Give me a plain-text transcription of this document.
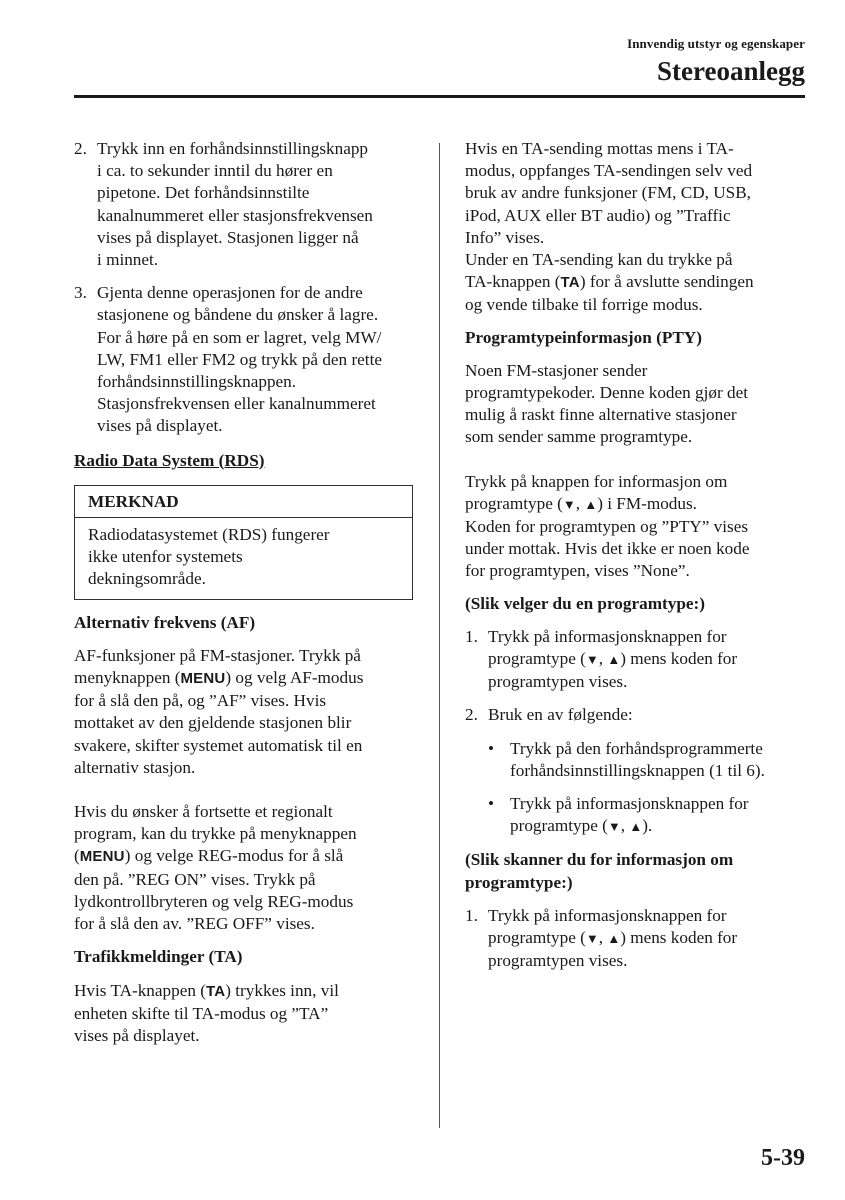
Innvendig utstyr og egenskaper
Stereoanlegg
2. Trykk inn en forhåndsinnstillingsknapp
i ca. to sekunder inntil du hører en
pipetone. Det forhåndsinnstilte
kanalnummeret eller stasjonsfrekvensen
vises på displayet. Stasjonen ligger nå
i minnet.
3. Gjenta denne operasjonen for de andre
stasjonene og båndene du ønsker å lagre.
For å høre på en som er lagret, velg MW/
LW, FM1 eller FM2 og trykk på den rette
forhåndsinnstillingsknappen.
Stasjonsfrekvensen eller kanalnummeret
vises på displayet.

Radio Data System (RDS)

MERKNAD
Radiodatasystemet (RDS) fungerer
ikke utenfor systemets
dekningsområde.

Alternativ frekvens (AF)

AF-funksjoner på FM-stasjoner. Trykk på
menyknappen (MENU) og velg AF-modus
for å slå den på, og ”AF” vises. Hvis
mottaket av den gjeldende stasjonen blir
svakere, skifter systemet automatisk til en
alternativ stasjon.
Hvis du ønsker å fortsette et regionalt
program, kan du trykke på menyknappen
(MENU) og velge REG-modus for å slå
den på. ”REG ON” vises. Trykk på
lydkontrollbryteren og velg REG-modus
for å slå den av. ”REG OFF” vises.

Trafikkmeldinger (TA)

Hvis TA-knappen (TA) trykkes inn, vil
enheten skifte til TA-modus og ”TA”
vises på displayet.
Hvis en TA-sending mottas mens i TA-
modus, oppfanges TA-sendingen selv ved
bruk av andre funksjoner (FM, CD, USB,
iPod, AUX eller BT audio) og ”Traffic
Info” vises.
Under en TA-sending kan du trykke på
TA-knappen (TA) for å avslutte sendingen
og vende tilbake til forrige modus.

Programtypeinformasjon (PTY)

Noen FM-stasjoner sender
programtypekoder. Denne koden gjør det
mulig å raskt finne alternative stasjoner
som sender samme programtype.
Trykk på knappen for informasjon om
programtype (▼, ▲) i FM-modus.
Koden for programtypen og ”PTY” vises
under mottak. Hvis det ikke er noen kode
for programtypen, vises ”None”.

(Slik velger du en programtype:)

1. Trykk på informasjonsknappen for
programtype (▼, ▲) mens koden for
programtypen vises.
2. Bruk en av følgende:
• Trykk på den forhåndsprogrammerte
forhåndsinnstillingsknappen (1 til 6).
• Trykk på informasjonsknappen for
programtype (▼, ▲).
(Slik skanner du for informasjon om
programtype:)
1. Trykk på informasjonsknappen for
programtype (▼, ▲) mens koden for
programtypen vises.
5-39
